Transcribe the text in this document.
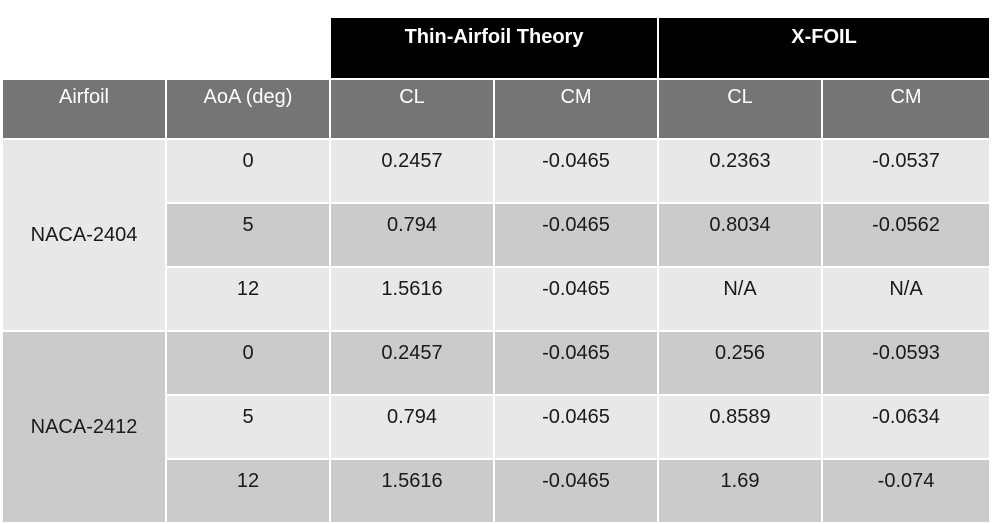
		Thin-Airfoil Theory		X-FOIL	
Airfoil	AoA (deg)	CL	CM	CL	CM
NACA-2404	0	0.2457	-0.0465	0.2363	-0.0537
	5	0.794	-0.0465	0.8034	-0.0562
	12	1.5616	-0.0465	N/A	N/A
NACA-2412	0	0.2457	-0.0465	0.256	-0.0593
	5	0.794	-0.0465	0.8589	-0.0634
	12	1.5616	-0.0465	1.69	-0.074
